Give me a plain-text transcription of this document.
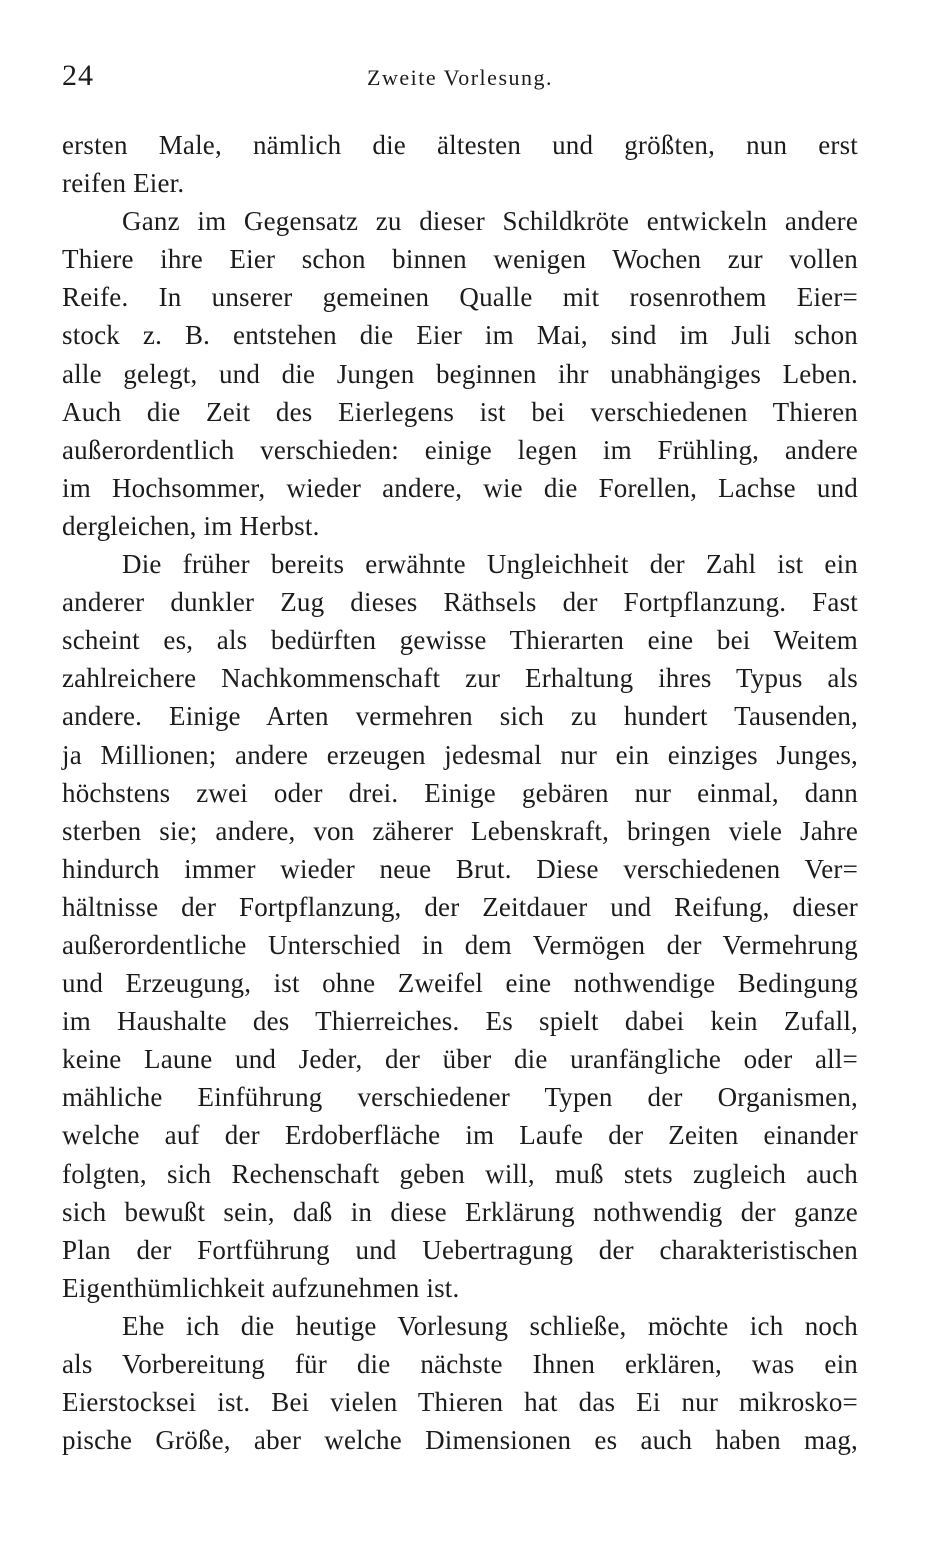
24	Zweite Vorlesung.
ersten Male, nämlich die ältesten und größten, nun erst
reifen Eier.
Ganz im Gegensatz zu dieser Schildkröte entwickeln andere
Thiere ihre Eier schon binnen wenigen Wochen zur vollen
Reife. In unserer gemeinen Qualle mit rosenrothem Eier=
stock z. B. entstehen die Eier im Mai, sind im Juli schon
alle gelegt, und die Jungen beginnen ihr unabhängiges Leben.
Auch die Zeit des Eierlegens ist bei verschiedenen Thieren
außerordentlich verschieden: einige legen im Frühling, andere
im Hochsommer, wieder andere, wie die Forellen, Lachse und
dergleichen, im Herbst.
Die früher bereits erwähnte Ungleichheit der Zahl ist ein
anderer dunkler Zug dieses Räthsels der Fortpflanzung. Fast
scheint es, als bedürften gewisse Thierarten eine bei Weitem
zahlreichere Nachkommenschaft zur Erhaltung ihres Typus als
andere. Einige Arten vermehren sich zu hundert Tausenden,
ja Millionen; andere erzeugen jedesmal nur ein einziges Junges,
höchstens zwei oder drei. Einige gebären nur einmal, dann
sterben sie; andere, von zäherer Lebenskraft, bringen viele Jahre
hindurch immer wieder neue Brut. Diese verschiedenen Ver=
hältnisse der Fortpflanzung, der Zeitdauer und Reifung, dieser
außerordentliche Unterschied in dem Vermögen der Vermehrung
und Erzeugung, ist ohne Zweifel eine nothwendige Bedingung
im Haushalte des Thierreiches. Es spielt dabei kein Zufall,
keine Laune und Jeder, der über die uranfängliche oder all=
mähliche Einführung verschiedener Typen der Organismen,
welche auf der Erdoberfläche im Laufe der Zeiten einander
folgten, sich Rechenschaft geben will, muß stets zugleich auch
sich bewußt sein, daß in diese Erklärung nothwendig der ganze
Plan der Fortführung und Uebertragung der charakteristischen
Eigenthümlichkeit aufzunehmen ist.
Ehe ich die heutige Vorlesung schließe, möchte ich noch
als Vorbereitung für die nächste Ihnen erklären, was ein
Eierstocksei ist. Bei vielen Thieren hat das Ei nur mikrosko=
pische Größe, aber welche Dimensionen es auch haben mag,
